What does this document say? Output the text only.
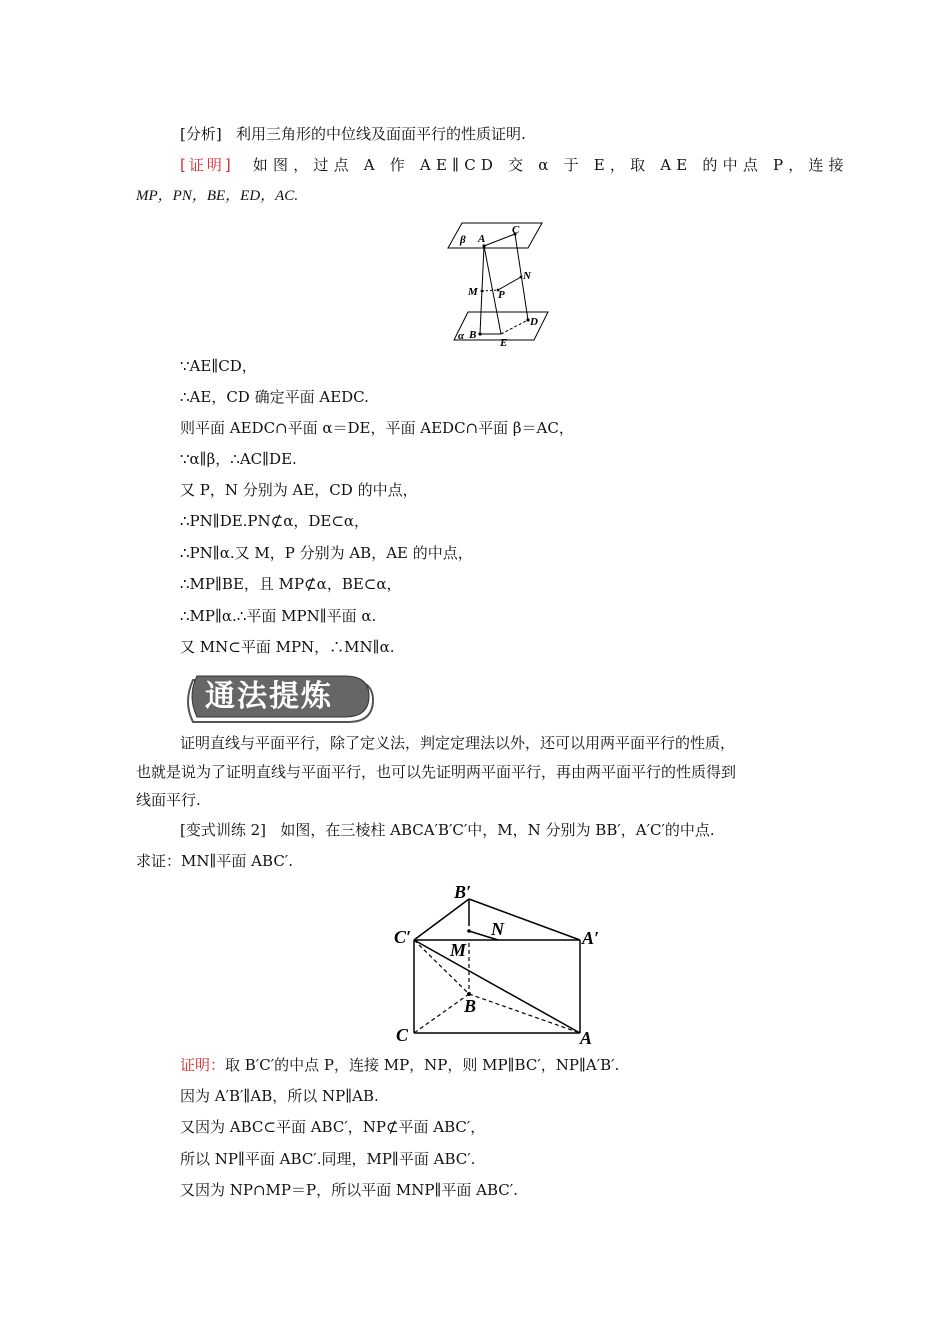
[分析] 利用三角形的中位线及面面平行的性质证明.
[证明] 如图，过点 A 作 AE∥CD 交 α 于 E，取 AE 的中点 P，连接
MP，PN，BE，ED，AC.
β A
C
N
M P
α B
E
D
∵AE∥CD，
∴AE，CD 确定平面 AEDC.
则平面 AEDC∩平面 α＝DE，平面 AEDC∩平面 β＝AC，
∵α∥β，∴AC∥DE.
又 P，N 分别为 AE，CD 的中点，
∴PN∥DE.PN⊄α，DE⊂α，
∴PN∥α.又 M，P 分别为 AB，AE 的中点，
∴MP∥BE，且 MP⊄α，BE⊂α，
∴MP∥α.∴平面 MPN∥平面 α.
又 MN⊂平面 MPN，∴MN∥α.
通法提炼
证明直线与平面平行，除了定义法，判定定理法以外，还可以用两平面平行的性质，
也就是说为了证明直线与平面平行，也可以先证明两平面平行，再由两平面平行的性质得到
线面平行.
[变式训练 2] 如图，在三棱柱 ABCA′B′C′中，M，N 分别为 BB′，A′C′的中点.
求证：MN∥平面 ABC′.
B′
N
C′
M
A′
B
C	A
证明：取 B′C′的中点 P，连接 MP，NP，则 MP∥BC′，NP∥A′B′.
因为 A′B′∥AB，所以 NP∥AB.
又因为 ABC⊂平面 ABC′，NP⊄平面 ABC′，
所以 NP∥平面 ABC′.同理，MP∥平面 ABC′.
又因为 NP∩MP＝P，所以平面 MNP∥平面 ABC′.
